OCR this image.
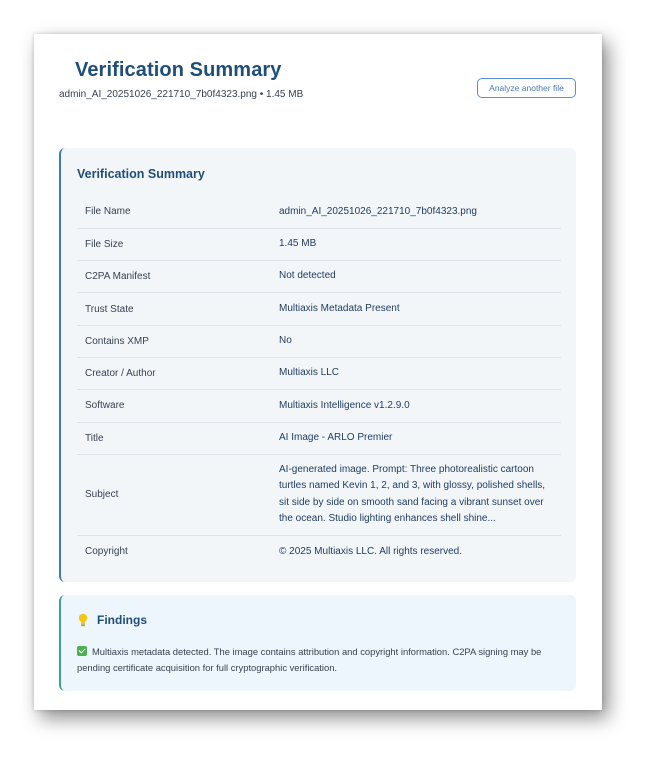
Verification Summary
admin_AI_20251026_221710_7b0f4323.png • 1.45 MB
Analyze another file
Verification Summary
File Name	admin_AI_20251026_221710_7b0f4323.png
File Size	1.45 MB
C2PA Manifest	Not detected
Trust State	Multiaxis Metadata Present
Contains XMP	No
Creator / Author	Multiaxis LLC
Software	Multiaxis Intelligence v1.2.9.0
Title	AI Image - ARLO Premier
Subject	AI-generated image. Prompt: Three photorealistic cartoon turtles named Kevin 1, 2, and 3, with glossy, polished shells, sit side by side on smooth sand facing a vibrant sunset over the ocean. Studio lighting enhances shell shine...
Copyright	© 2025 Multiaxis LLC. All rights reserved.
Findings

Multiaxis metadata detected. The image contains attribution and copyright information. C2PA signing may be pending certificate acquisition for full cryptographic verification.
